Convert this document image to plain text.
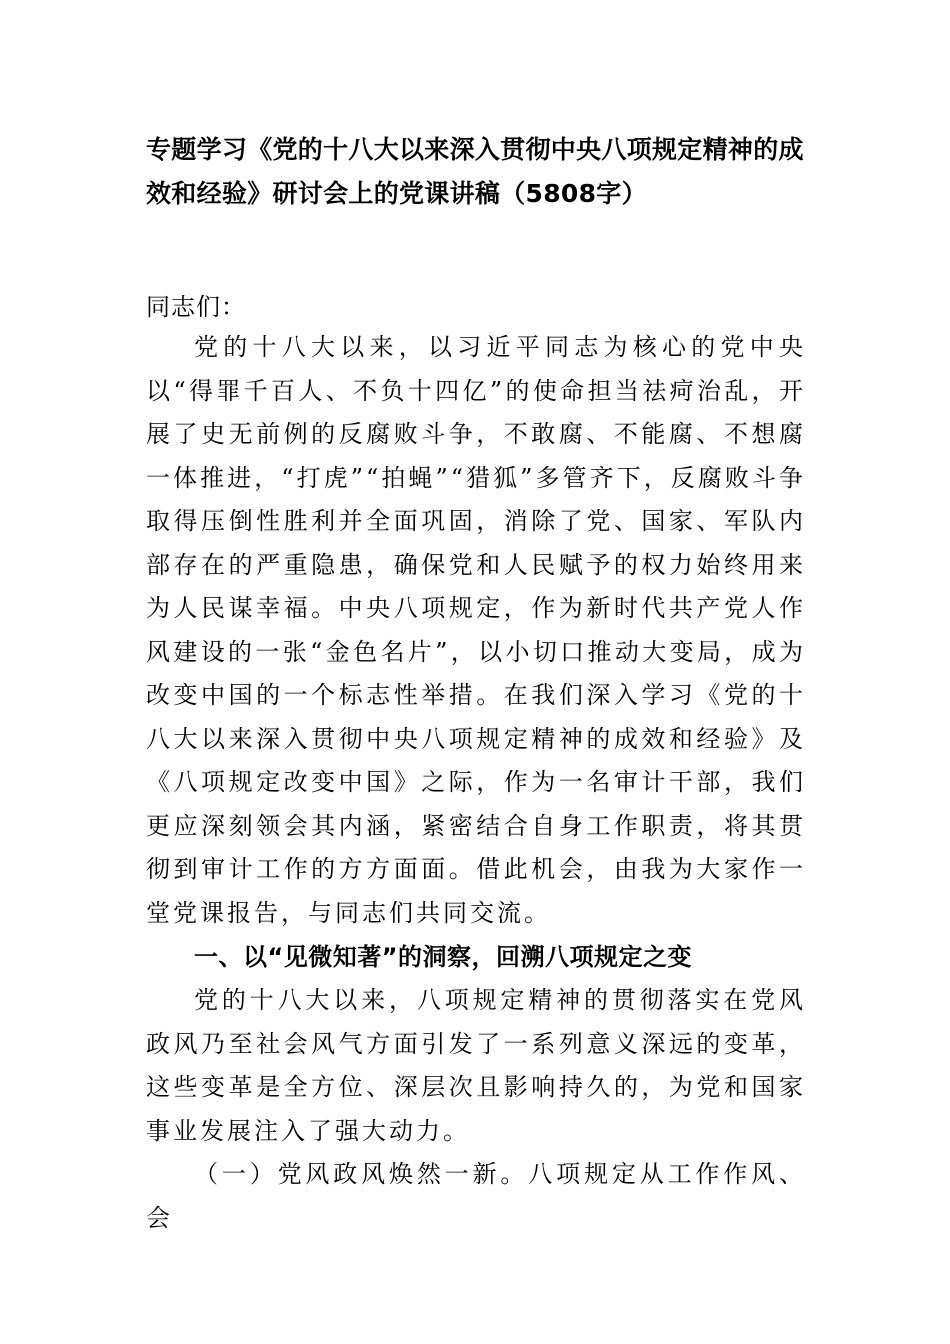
专题学习《党的十八大以来深入贯彻中央八项规定精神的成效和经验》研讨会上的党课讲稿（5808字）

同志们：

党的十八大以来，以习近平同志为核心的党中央以“得罪千百人、不负十四亿”的使命担当祛疴治乱，开展了史无前例的反腐败斗争，不敢腐、不能腐、不想腐一体推进，“打虎”“拍蝇”“猎狐”多管齐下，反腐败斗争取得压倒性胜利并全面巩固，消除了党、国家、军队内部存在的严重隐患，确保党和人民赋予的权力始终用来为人民谋幸福。中央八项规定，作为新时代共产党人作风建设的一张“金色名片”，以小切口推动大变局，成为改变中国的一个标志性举措。在我们深入学习《党的十八大以来深入贯彻中央八项规定精神的成效和经验》及《八项规定改变中国》之际，作为一名审计干部，我们更应深刻领会其内涵，紧密结合自身工作职责，将其贯彻到审计工作的方方面面。借此机会，由我为大家作一堂党课报告，与同志们共同交流。

一、以“见微知著”的洞察，回溯八项规定之变

党的十八大以来，八项规定精神的贯彻落实在党风政风乃至社会风气方面引发了一系列意义深远的变革，这些变革是全方位、深层次且影响持久的，为党和国家事业发展注入了强大动力。

（一）党风政风焕然一新。八项规定从工作作风、会
